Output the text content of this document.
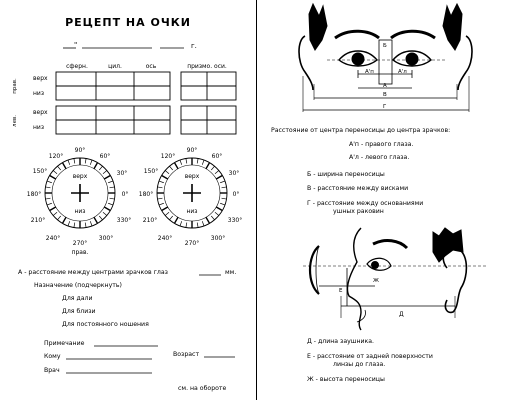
РЕЦЕПТ НА ОЧКИ
"	г.
сферн.	цил.	ось	призмо. оси.
верх
низ
прав.
верх
низ
лев.
верх
низ
верх
низ
90°
60°
120°
150°	30°
180°	0°
210°	330°
240°
270°
300°
90°
60°
120°
150°	30°
180°	0°
210°	330°
240°
270°
300°
прав.
А - расстояние между центрами зрачков глаз	мм.
Назначение (подчеркнуть)
Для дали
Для близи
Для постоянного ношения
Примечание
Кому	Возраст
Врач
см. на обороте
А'п	А'л
А
Б
В
Г
Расстояние от центра переносицы до центра зрачков:
А'п - правого глаза.
А'л - левого глаза.
Б - ширина переносицы
В - расстояние между висками
Г - расстояние между основаниями ушных раковин
Е
Ж
Д
Д - длина заушника.
Е - расстояние от задней поверхности линзы до глаза.
Ж - высота переносицы
